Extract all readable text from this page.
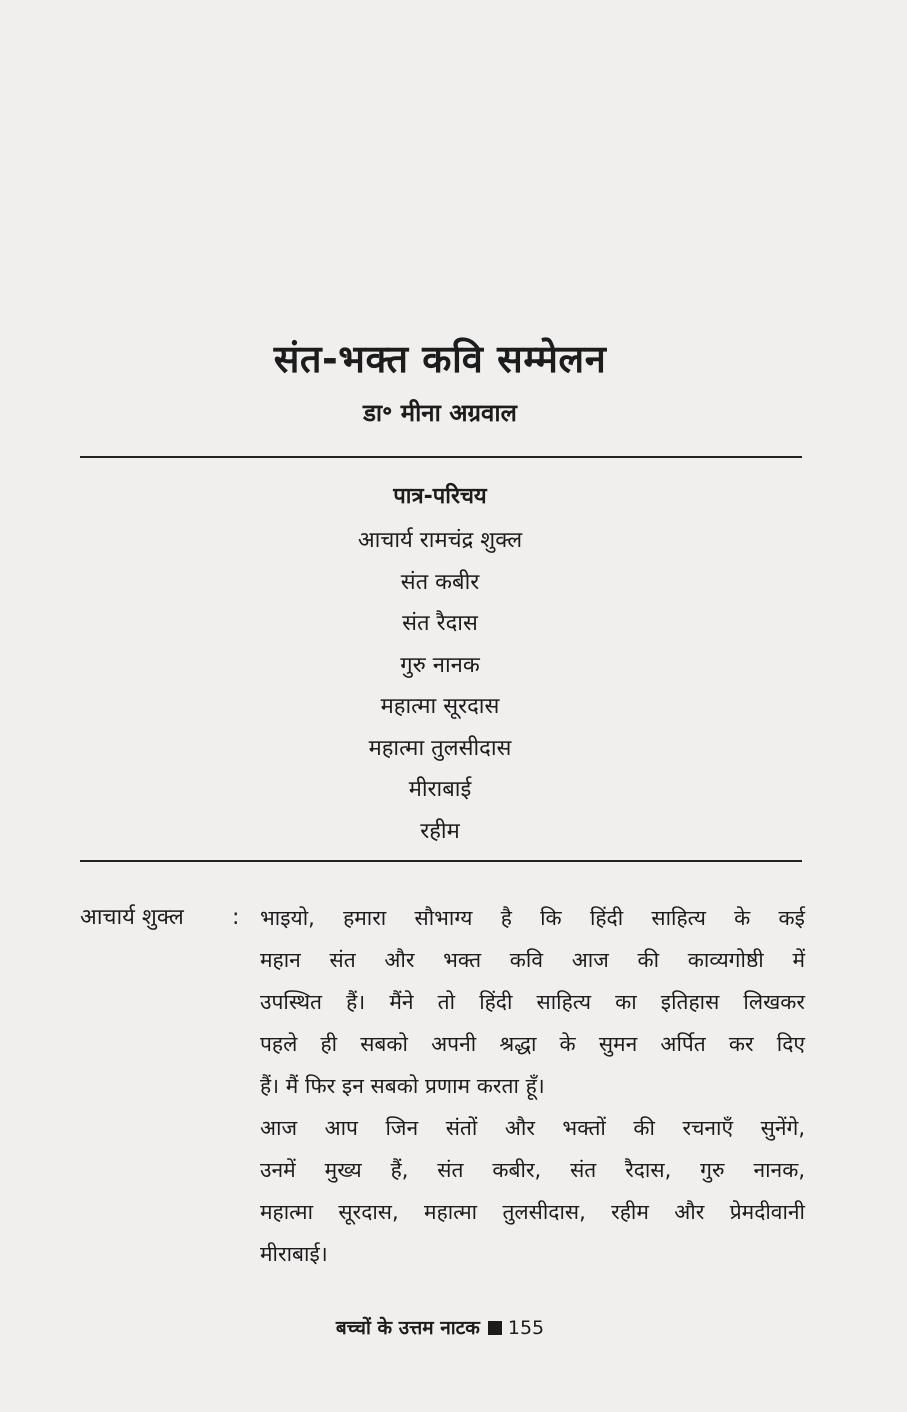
संत-भक्त कवि सम्मेलन
डा॰ मीना अग्रवाल
पात्र-परिचय
आचार्य रामचंद्र शुक्ल
संत कबीर
संत रैदास
गुरु नानक
महात्मा सूरदास
महात्मा तुलसीदास
मीराबाई
रहीम
आचार्य शुक्ल : भाइयो, हमारा सौभाग्य है कि हिंदी साहित्य के कई
महान संत और भक्त कवि आज की काव्यगोष्ठी में
उपस्थित हैं। मैंने तो हिंदी साहित्य का इतिहास लिखकर
पहले ही सबको अपनी श्रद्धा के सुमन अर्पित कर दिए
हैं। मैं फिर इन सबको प्रणाम करता हूँ।
आज आप जिन संतों और भक्तों की रचनाएँ सुनेंगे,
उनमें मुख्य हैं, संत कबीर, संत रैदास, गुरु नानक,
महात्मा सूरदास, महात्मा तुलसीदास, रहीम और प्रेमदीवानी
मीराबाई।
बच्चों के उत्तम नाटक 155
